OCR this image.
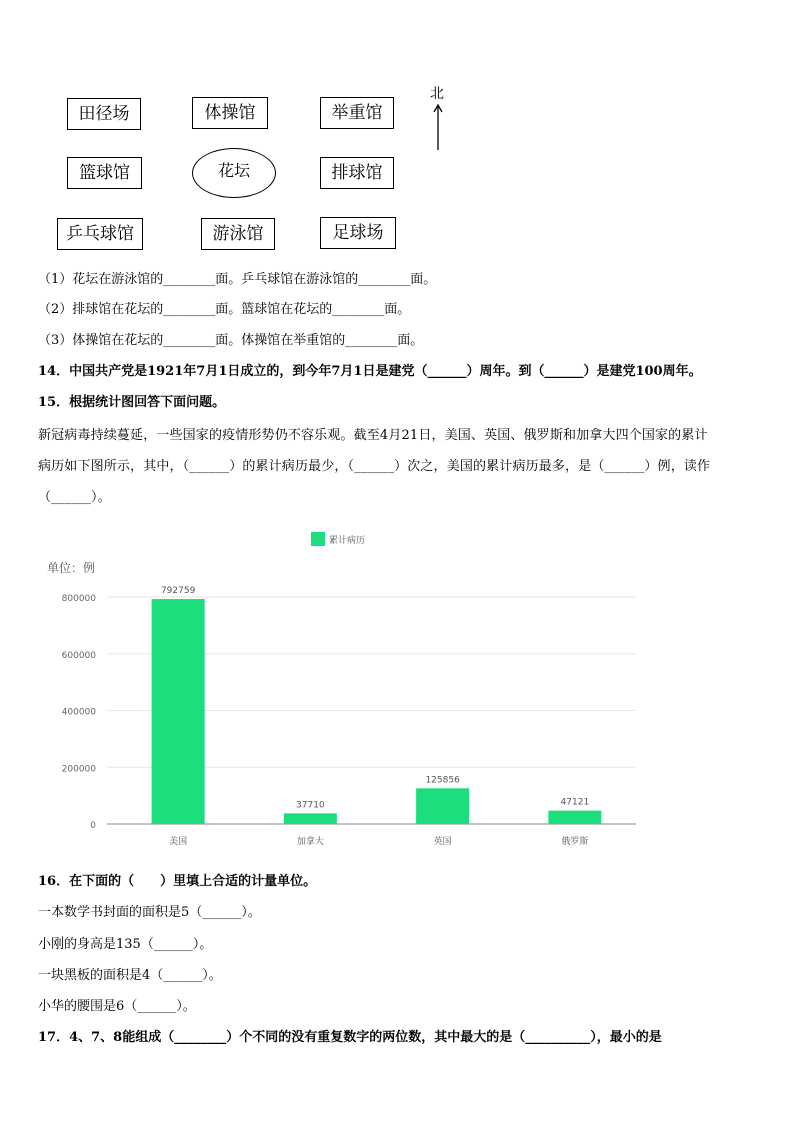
田径场	体操馆	举重馆
篮球馆	花坛	排球馆
乒乓球馆	游泳馆	足球场
北
（1）花坛在游泳馆的________面。乒乓球馆在游泳馆的________面。
（2）排球馆在花坛的________面。篮球馆在花坛的________面。
（3）体操馆在花坛的________面。体操馆在举重馆的________面。
14．中国共产党是1921年7月1日成立的，到今年7月1日是建党（______）周年。到（______）是建党100周年。
15．根据统计图回答下面问题。
新冠病毒持续蔓延，一些国家的疫情形势仍不容乐观。截至4月21日，美国、英国、俄罗斯和加拿大四个国家的累计
病历如下图所示，其中，（______）的累计病历最少，（______）次之，美国的累计病历最多，是（______）例，读作
（______）。
0
200000
400000
600000
800000
792759
美国
37710
加拿大
125856
英国
47121
俄罗斯
累计病历
单位：例
16．在下面的（　　）里填上合适的计量单位。
一本数学书封面的面积是5（______）。
小刚的身高是135（______）。
一块黑板的面积是4（______）。
小华的腰围是6（______）。
17．4、7、8能组成（________）个不同的没有重复数字的两位数，其中最大的是（__________），最小的是
